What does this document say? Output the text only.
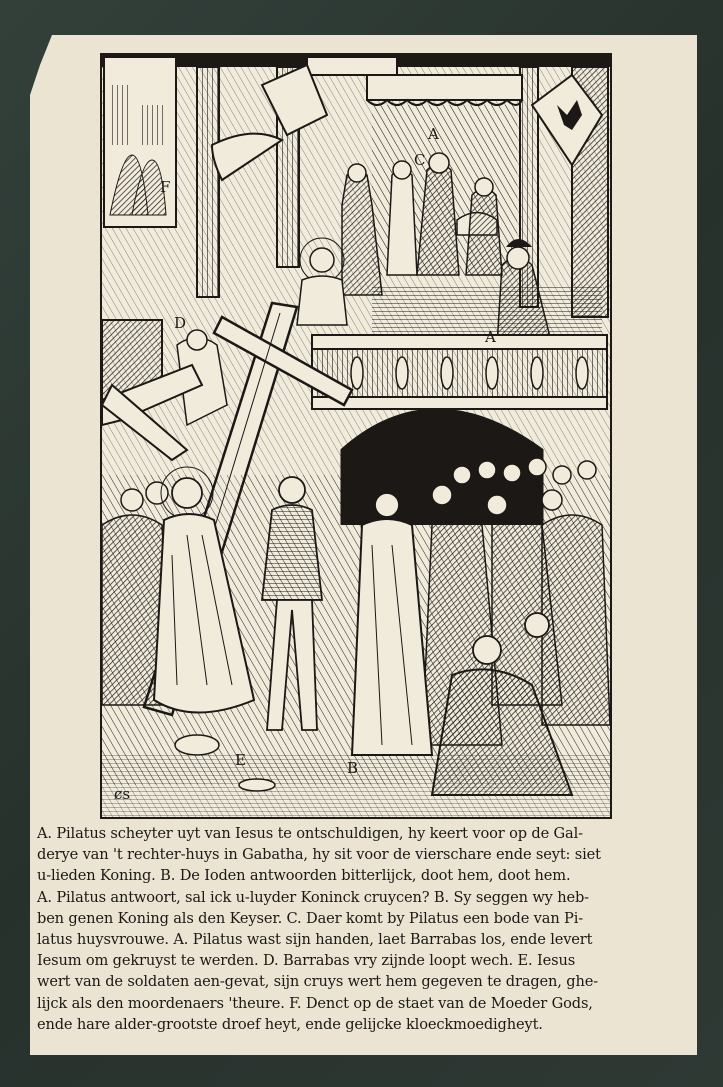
A
C
A
D
F
B
E	B
ȼs
A. Pilatus scheyter uyt van Iesus te ontschuldigen, hy keert voor op de Gal-
derye van 't rechter-huys in Gabatha, hy sit voor de vierschare ende seyt: siet
u-lieden Koning. B. De Ioden antwoorden bitterlijck, doot hem, doot hem.
A. Pilatus antwoort, sal ick u-luyder Koninck cruycen? B. Sy seggen wy heb-
ben genen Koning als den Keyser. C. Daer komt by Pilatus een bode van Pi-
latus huysvrouwe. A. Pilatus wast sijn handen, laet Barrabas los, ende levert
Iesum om gekruyst te werden. D. Barrabas vry zijnde loopt wech. E. Iesus
wert van de soldaten aen-gevat, sijn cruys wert hem gegeven te dragen, ghe-
lijck als den moordenaers 'theure. F. Denct op de staet van de Moeder Gods,
ende hare alder-grootste droef heyt, ende gelijcke kloeckmoedigheyt.
